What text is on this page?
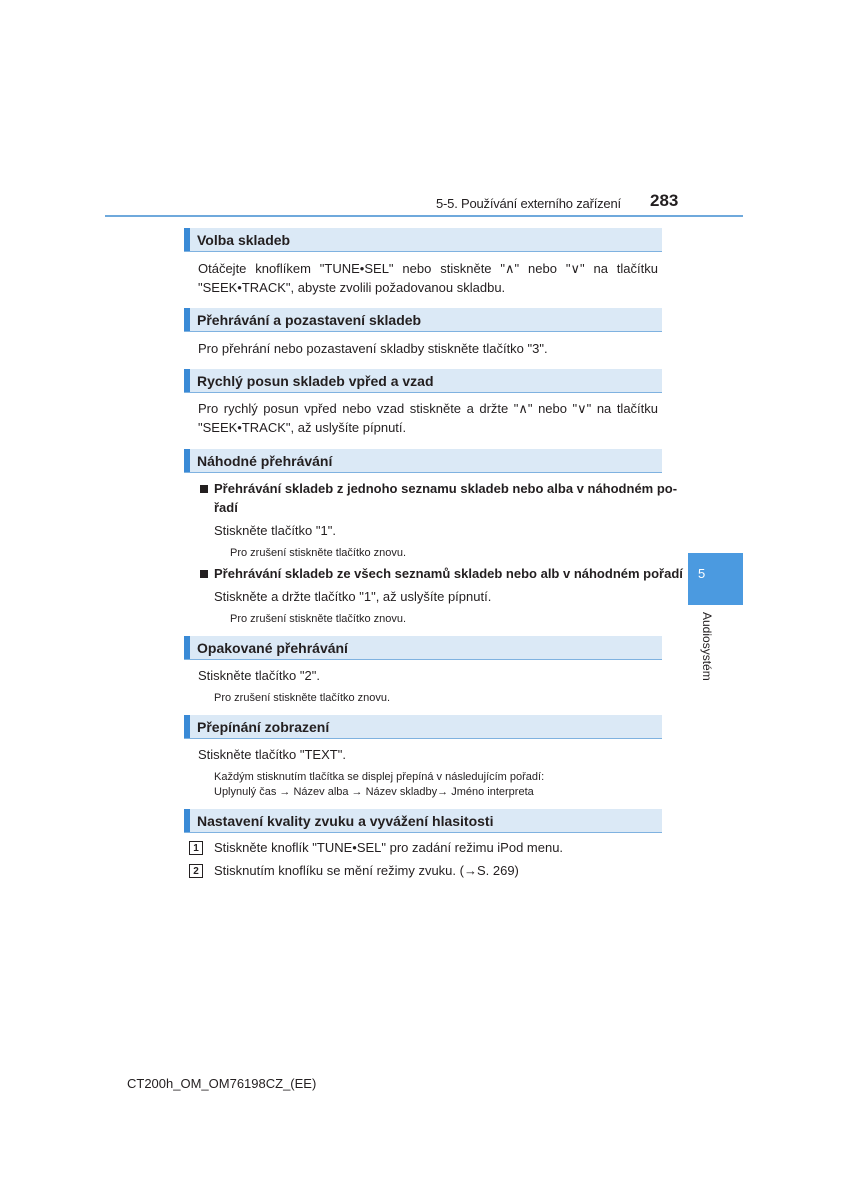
5-5. Používání externího zařízení 283
Volba skladeb
Otáčejte knoflíkem "TUNE•SEL" nebo stiskněte "∧" nebo "∨" na tlačítku
"SEEK•TRACK", abyste zvolili požadovanou skladbu.
Přehrávání a pozastavení skladeb
Pro přehrání nebo pozastavení skladby stiskněte tlačítko "3".
Rychlý posun skladeb vpřed a vzad
Pro rychlý posun vpřed nebo vzad stiskněte a držte "∧" nebo "∨" na tlačítku
"SEEK•TRACK", až uslyšíte pípnutí.
Náhodné přehrávání
Přehrávání skladeb z jednoho seznamu skladeb nebo alba v náhodném po-
řadí
Stiskněte tlačítko "1".
Pro zrušení stiskněte tlačítko znovu.
Přehrávání skladeb ze všech seznamů skladeb nebo alb v náhodném pořadí
Stiskněte a držte tlačítko "1", až uslyšíte pípnutí.
Pro zrušení stiskněte tlačítko znovu.
Opakované přehrávání
Stiskněte tlačítko "2".
Pro zrušení stiskněte tlačítko znovu.
Přepínání zobrazení
Stiskněte tlačítko "TEXT".
Každým stisknutím tlačítka se displej přepíná v následujícím pořadí:
Uplynulý čas → Název alba → Název skladby→ Jméno interpreta
Nastavení kvality zvuku a vyvážení hlasitosti
1	Stiskněte knoflík "TUNE•SEL" pro zadání režimu iPod menu.
2	Stisknutím knoflíku se mění režimy zvuku. (→S. 269)
5
Audiosystém
CT200h_OM_OM76198CZ_(EE)
